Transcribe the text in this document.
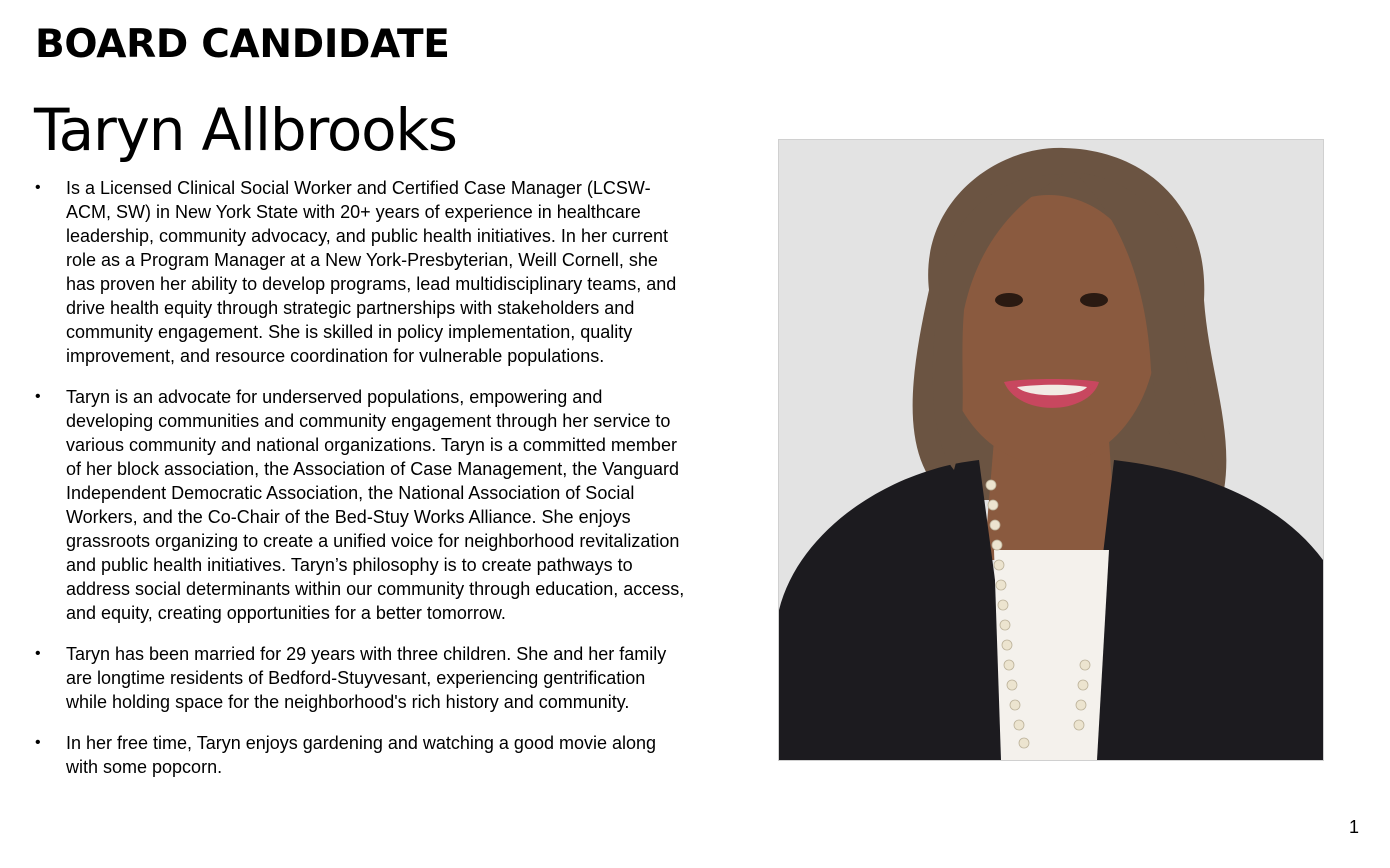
BOARD CANDIDATE
Taryn Allbrooks
• Is a Licensed Clinical Social Worker and Certified Case Manager (LCSW-ACM, SW) in New York State with 20+ years of experience in healthcare leadership, community advocacy, and public health initiatives. In her current role as a Program Manager at a New York-Presbyterian, Weill Cornell, she has proven her ability to develop programs, lead multidisciplinary teams, and drive health equity through strategic partnerships with stakeholders and community engagement. She is skilled in policy implementation, quality improvement, and resource coordination for vulnerable populations.
• Taryn is an advocate for underserved populations, empowering and developing communities and community engagement through her service to various community and national organizations. Taryn is a committed member of her block association, the Association of Case Management, the Vanguard Independent Democratic Association, the National Association of Social Workers, and the Co-Chair of the Bed-Stuy Works Alliance. She enjoys grassroots organizing to create a unified voice for neighborhood revitalization and public health initiatives. Taryn’s philosophy is to create pathways to address social determinants within our community through education, access, and equity, creating opportunities for a better tomorrow.
• Taryn has been married for 29 years with three children. She and her family are longtime residents of Bedford-Stuyvesant, experiencing gentrification while holding space for the neighborhood's rich history and community.
• In her free time, Taryn enjoys gardening and watching a good movie along with some popcorn.
1
